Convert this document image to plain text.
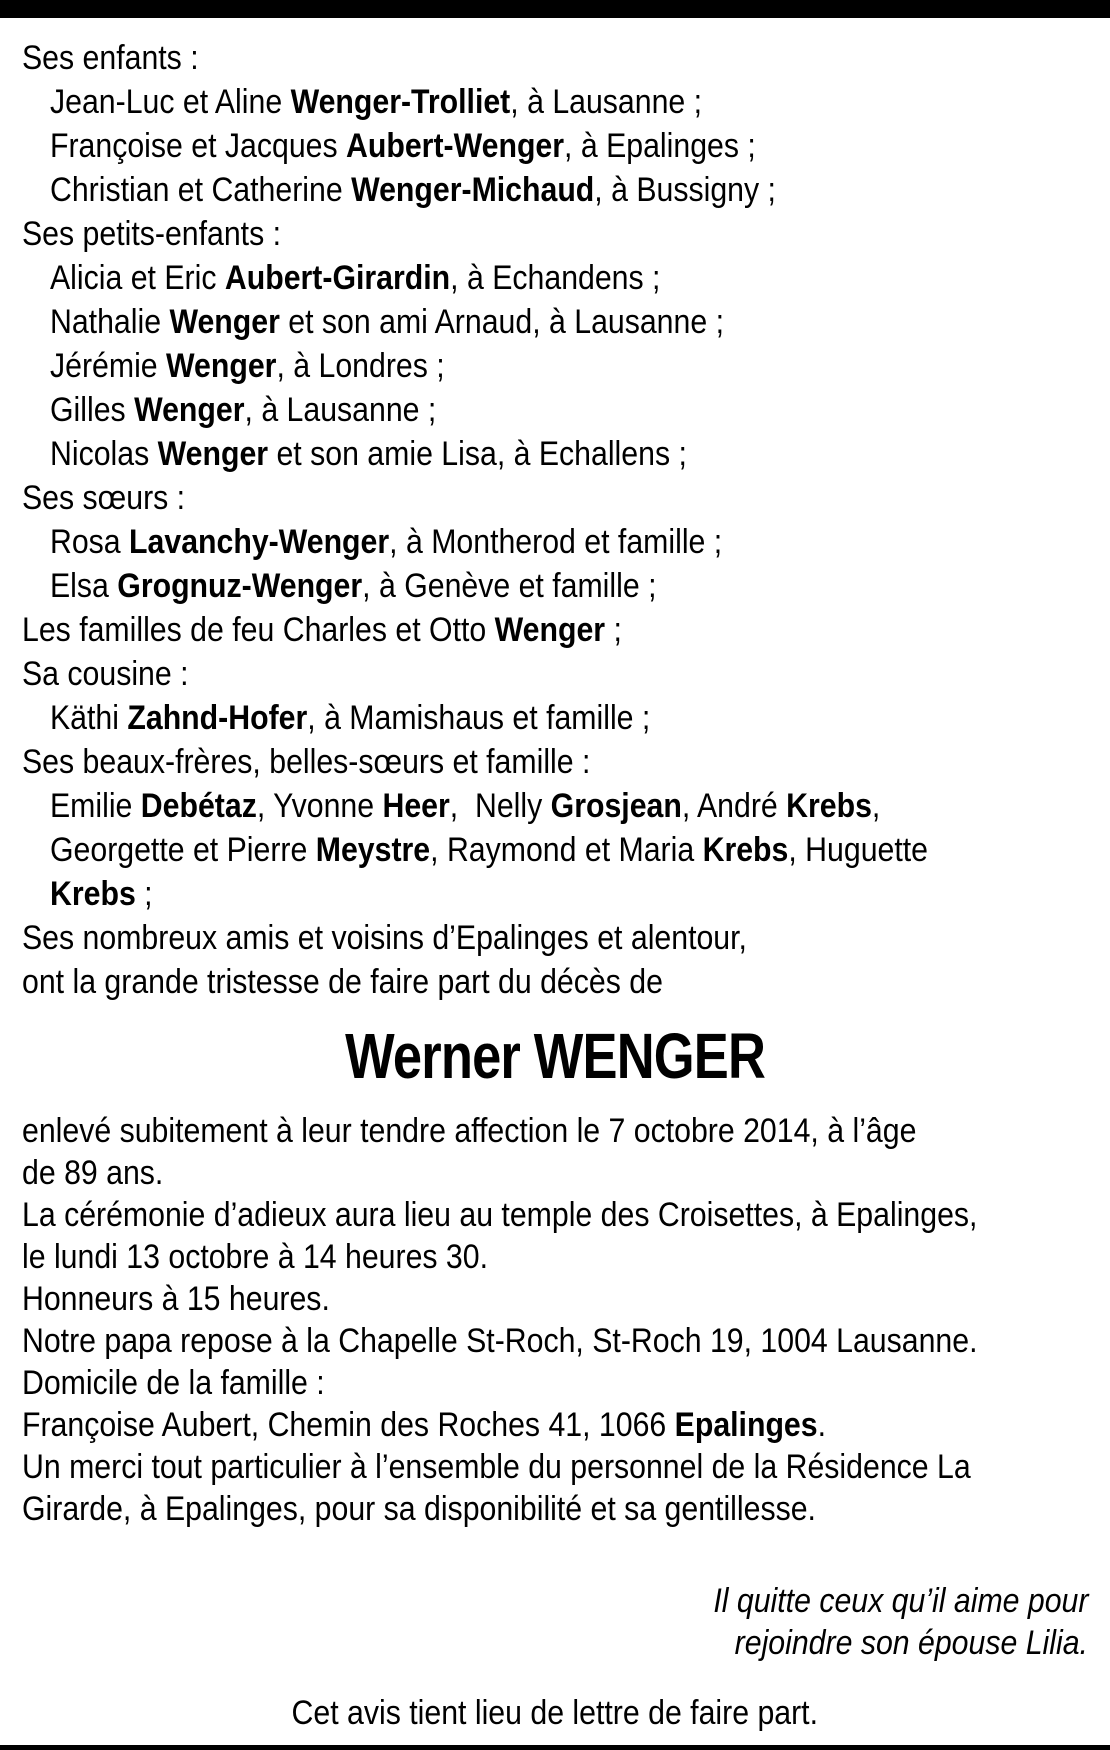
Ses enfants :
Jean-Luc et Aline Wenger-Trolliet, à Lausanne ;
Françoise et Jacques Aubert-Wenger, à Epalinges ;
Christian et Catherine Wenger-Michaud, à Bussigny ;
Ses petits-enfants :
Alicia et Eric Aubert-Girardin, à Echandens ;
Nathalie Wenger et son ami Arnaud, à Lausanne ;
Jérémie Wenger, à Londres ;
Gilles Wenger, à Lausanne ;
Nicolas Wenger et son amie Lisa, à Echallens ;
Ses sœurs :
Rosa Lavanchy-Wenger, à Montherod et famille ;
Elsa Grognuz-Wenger, à Genève et famille ;
Les familles de feu Charles et Otto Wenger ;
Sa cousine :
Käthi Zahnd-Hofer, à Mamishaus et famille ;
Ses beaux-frères, belles-sœurs et famille :
Emilie Debétaz, Yvonne Heer,  Nelly Grosjean, André Krebs,
Georgette et Pierre Meystre, Raymond et Maria Krebs, Huguette
Krebs ;
Ses nombreux amis et voisins d’Epalinges et alentour,
ont la grande tristesse de faire part du décès de
Werner WENGER
enlevé subitement à leur tendre affection le 7 octobre 2014, à l’âge
de 89 ans.
La cérémonie d’adieux aura lieu au temple des Croisettes, à Epalinges,
le lundi 13 octobre à 14 heures 30.
Honneurs à 15 heures.
Notre papa repose à la Chapelle St-Roch, St-Roch 19, 1004 Lausanne.
Domicile de la famille :
Françoise Aubert, Chemin des Roches 41, 1066 Epalinges.
Un merci tout particulier à l’ensemble du personnel de la Résidence La
Girarde, à Epalinges, pour sa disponibilité et sa gentillesse.
Il quitte ceux qu’il aime pour
rejoindre son épouse Lilia.
Cet avis tient lieu de lettre de faire part.
